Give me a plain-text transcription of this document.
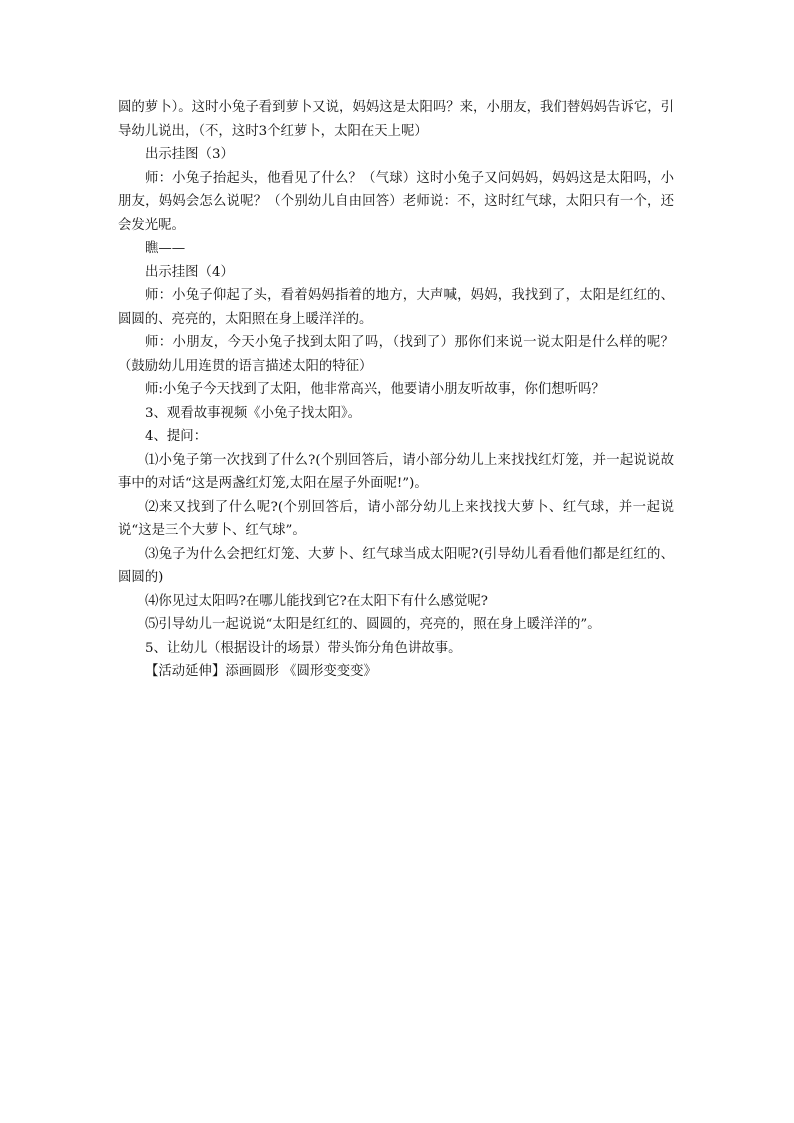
圆的萝卜）。这时小兔子看到萝卜又说，妈妈这是太阳吗？来，小朋友，我们替妈妈告诉它，引导幼儿说出，（不，这时3个红萝卜，太阳在天上呢）

出示挂图（3）

师：小兔子抬起头，他看见了什么？（气球）这时小兔子又问妈妈，妈妈这是太阳吗，小朋友，妈妈会怎么说呢？（个别幼儿自由回答）老师说：不，这时红气球，太阳只有一个，还会发光呢。

瞧——

出示挂图（4）

师：小兔子仰起了头，看着妈妈指着的地方，大声喊，妈妈，我找到了，太阳是红红的、圆圆的、亮亮的，太阳照在身上暖洋洋的。

师：小朋友，今天小兔子找到太阳了吗，（找到了）那你们来说一说太阳是什么样的呢？（鼓励幼儿用连贯的语言描述太阳的特征）

师:小兔子今天找到了太阳，他非常高兴，他要请小朋友听故事，你们想听吗？

3、观看故事视频《小兔子找太阳》。

4、提问：

⑴小兔子第一次找到了什么?(个别回答后，请小部分幼儿上来找找红灯笼，并一起说说故事中的对话“这是两盏红灯笼,太阳在屋子外面呢!”)。

⑵来又找到了什么呢?(个别回答后，请小部分幼儿上来找找大萝卜、红气球，并一起说说“这是三个大萝卜、红气球”。

⑶兔子为什么会把红灯笼、大萝卜、红气球当成太阳呢?(引导幼儿看看他们都是红红的、圆圆的)

⑷你见过太阳吗?在哪儿能找到它?在太阳下有什么感觉呢?

⑸引导幼儿一起说说“太阳是红红的、圆圆的，亮亮的，照在身上暖洋洋的”。

5、让幼儿（根据设计的场景）带头饰分角色讲故事。

【活动延伸】添画圆形 《圆形变变变》
